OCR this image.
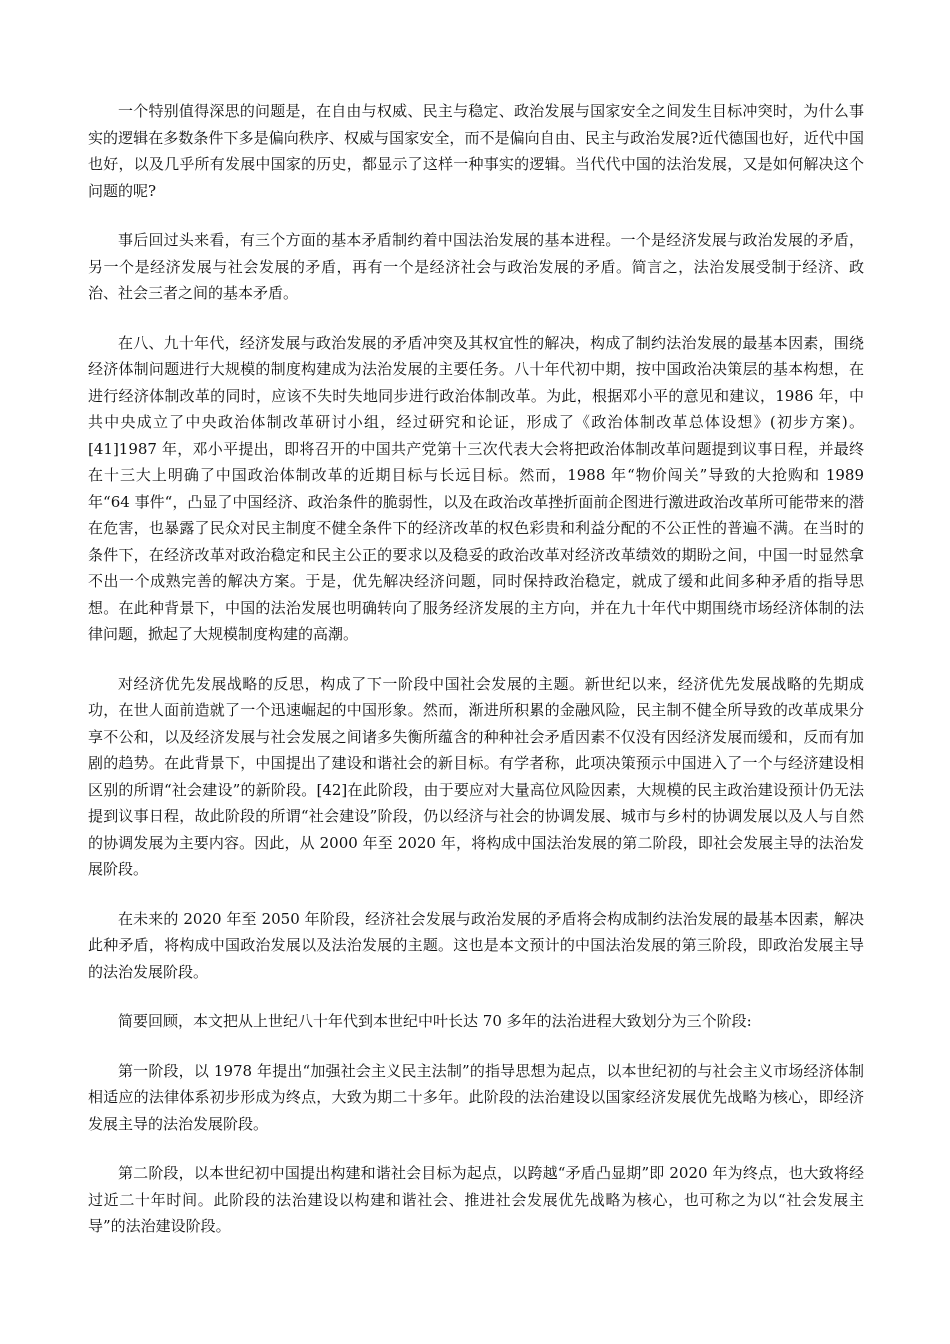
一个特别值得深思的问题是，在自由与权威、民主与稳定、政治发展与国家安全之间发生目标冲突时，为什么事实的逻辑在多数条件下多是偏向秩序、权威与国家安全，而不是偏向自由、民主与政治发展?近代德国也好，近代中国也好，以及几乎所有发展中国家的历史，都显示了这样一种事实的逻辑。当代代中国的法治发展，又是如何解决这个问题的呢?

事后回过头来看，有三个方面的基本矛盾制约着中国法治发展的基本进程。一个是经济发展与政治发展的矛盾，另一个是经济发展与社会发展的矛盾，再有一个是经济社会与政治发展的矛盾。简言之，法治发展受制于经济、政治、社会三者之间的基本矛盾。

在八、九十年代，经济发展与政治发展的矛盾冲突及其权宜性的解决，构成了制约法治发展的最基本因素，围绕经济体制问题进行大规模的制度构建成为法治发展的主要任务。八十年代初中期，按中国政治决策层的基本构想，在进行经济体制改革的同时，应该不失时失地同步进行政治体制改革。为此，根据邓小平的意见和建议，1986 年，中共中央成立了中央政治体制改革研讨小组，经过研究和论证，形成了《政治体制改革总体设想》(初步方案)。[41]1987 年，邓小平提出，即将召开的中国共产党第十三次代表大会将把政治体制改革问题提到议事日程，并最终在十三大上明确了中国政治体制改革的近期目标与长远目标。然而，1988 年“物价闯关”导致的大抢购和 1989 年“64 事件“，凸显了中国经济、政治条件的脆弱性，以及在政治改革挫折面前企图进行激进政治改革所可能带来的潜在危害，也暴露了民众对民主制度不健全条件下的经济改革的权色彩贵和利益分配的不公正性的普遍不满。在当时的条件下，在经济改革对政治稳定和民主公正的要求以及稳妥的政治改革对经济改革绩效的期盼之间，中国一时显然拿不出一个成熟完善的解决方案。于是，优先解决经济问题，同时保持政治稳定，就成了缓和此间多种矛盾的指导思想。在此种背景下，中国的法治发展也明确转向了服务经济发展的主方向，并在九十年代中期围绕市场经济体制的法律问题，掀起了大规模制度构建的高潮。

对经济优先发展战略的反思，构成了下一阶段中国社会发展的主题。新世纪以来，经济优先发展战略的先期成功，在世人面前造就了一个迅速崛起的中国形象。然而，渐进所积累的金融风险，民主制不健全所导致的改革成果分享不公和，以及经济发展与社会发展之间诸多失衡所蕴含的种种社会矛盾因素不仅没有因经济发展而缓和，反而有加剧的趋势。在此背景下，中国提出了建设和谐社会的新目标。有学者称，此项决策预示中国进入了一个与经济建设相区别的所谓“社会建设”的新阶段。[42]在此阶段，由于要应对大量高位风险因素，大规模的民主政治建设预计仍无法提到议事日程，故此阶段的所谓“社会建设”阶段，仍以经济与社会的协调发展、城市与乡村的协调发展以及人与自然的协调发展为主要内容。因此，从 2000 年至 2020 年，将构成中国法治发展的第二阶段，即社会发展主导的法治发展阶段。

在未来的 2020 年至 2050 年阶段，经济社会发展与政治发展的矛盾将会构成制约法治发展的最基本因素，解决此种矛盾，将构成中国政治发展以及法治发展的主题。这也是本文预计的中国法治发展的第三阶段，即政治发展主导的法治发展阶段。

简要回顾，本文把从上世纪八十年代到本世纪中叶长达 70 多年的法治进程大致划分为三个阶段:

第一阶段，以 1978 年提出“加强社会主义民主法制”的指导思想为起点，以本世纪初的与社会主义市场经济体制相适应的法律体系初步形成为终点，大致为期二十多年。此阶段的法治建设以国家经济发展优先战略为核心，即经济发展主导的法治发展阶段。

第二阶段，以本世纪初中国提出构建和谐社会目标为起点，以跨越“矛盾凸显期”即 2020 年为终点，也大致将经过近二十年时间。此阶段的法治建设以构建和谐社会、推进社会发展优先战略为核心，也可称之为以“社会发展主导”的法治建设阶段。
